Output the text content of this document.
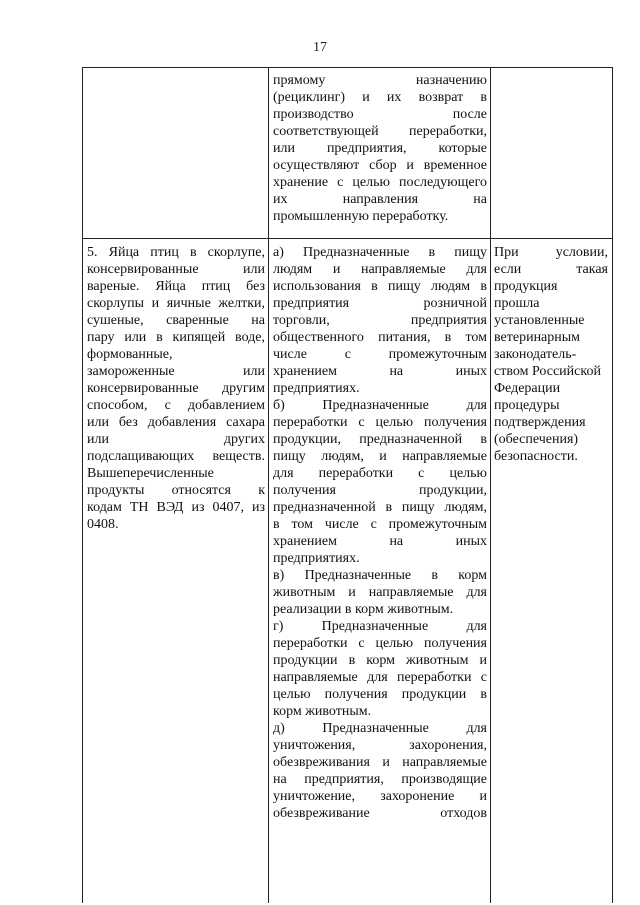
17
прямому назначению
(рециклинг) и их возврат в
производство после
соответствующей переработки,
или предприятия, которые
осуществляют сбор и временное
хранение с целью последующего
их направления на
промышленную переработку.
5. Яйца птиц в скорлупе,
консервированные или
вареные. Яйца птиц без
скорлупы и яичные желтки,
сушеные, сваренные на
пару или в кипящей воде,
формованные,
замороженные или
консервированные другим
способом, с добавлением
или без добавления сахара
или других
подслащивающих веществ.
Вышеперечисленные
продукты относятся к
кодам ТН ВЭД из 0407, из
0408.
а) Предназначенные в пищу
людям и направляемые для
использования в пищу людям в
предприятия розничной
торговли, предприятия
общественного питания, в том
числе с промежуточным
хранением на иных
предприятиях.
б) Предназначенные для
переработки с целью получения
продукции, предназначенной в
пищу людям, и направляемые
для переработки с целью
получения продукции,
предназначенной в пищу людям,
в том числе с промежуточным
хранением на иных
предприятиях.
в) Предназначенные в корм
животным и направляемые для
реализации в корм животным.
г) Предназначенные для
переработки с целью получения
продукции в корм животным и
направляемые для переработки с
целью получения продукции в
корм животным.
д) Предназначенные для
уничтожения, захоронения,
обезвреживания и направляемые
на предприятия, производящие
уничтожение, захоронение и
обезвреживание отходов
При условии,
если такая
продукция
прошла
установленные
ветеринарным
законодатель-
ством Российской
Федерации
процедуры
подтверждения
(обеспечения)
безопасности.
